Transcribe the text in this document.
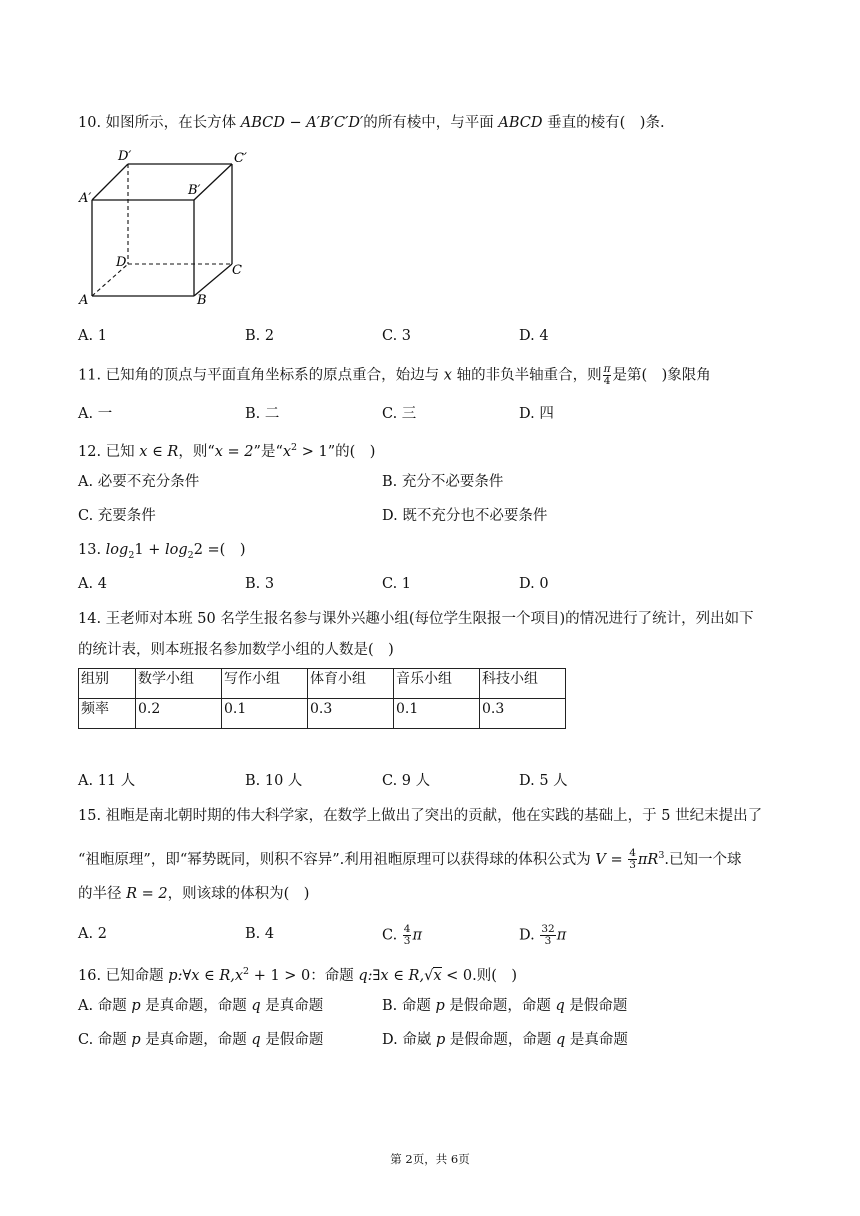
10. 如图所示，在长方体 ABCD − A′B′C′D′的所有棱中，与平面 ABCD 垂直的棱有(　)条.
D′	C′
A′
B′
D
C
A	B
A. 1	B. 2	C. 3	D. 4
11. 已知角的顶点与平面直角坐标系的原点重合，始边与 x 轴的非负半轴重合，则 $\frac{\pi}{4}$ 是第(　)象限角
A. 一	B. 二	C. 三	D. 四
12. 已知 x ∈ R，则“x = 2”是“$x^2 > 1$”的(　)
A. 必要不充分条件	B. 充分不必要条件
C. 充要条件	D. 既不充分也不必要条件
13. $\log_21 + \log_22$ =(　)
A. 4	B. 3	C. 1	D. 0
14. 王老师对本班 50 名学生报名参与课外兴趣小组(每位学生限报一个项目)的情况进行了统计，列出如下
的统计表，则本班报名参加数学小组的人数是(　)
组别	数学小组	写作小组	体育小组	音乐小组	科技小组
频率	0.2	0.1	0.3	0.1	0.3
A. 11 人	B. 10 人	C. 9 人	D. 5 人
15. 祖暅是南北朝时期的伟大科学家，在数学上做出了突出的贡献，他在实践的基础上，于 5 世纪末提出了
“祖暅原理”，即“幂势既同，则积不容异”.利用祖暅原理可以获得球的体积公式为 $V = \frac{4}{3} \pi R^3$.已知一个球
的半径 R = 2，则该球的体积为(　)
A. 2	B. 4	C. $\frac{4}{3}$ π	D. $\frac{32}{3}$ π
16. 已知命题 p:∀x ∈ $R,x^2 + 1 > 0$：命题 q:∃x ∈ R,√x < 0.则(　)
A. 命题 p 是真命题，命题 q 是真命题	B. 命题 p 是假命题，命题 q 是假命题
C. 命题 p 是真命题，命题 q 是假命题	D. 命崴 p 是假命题，命题 q 是真命题
第 2页，共 6页
